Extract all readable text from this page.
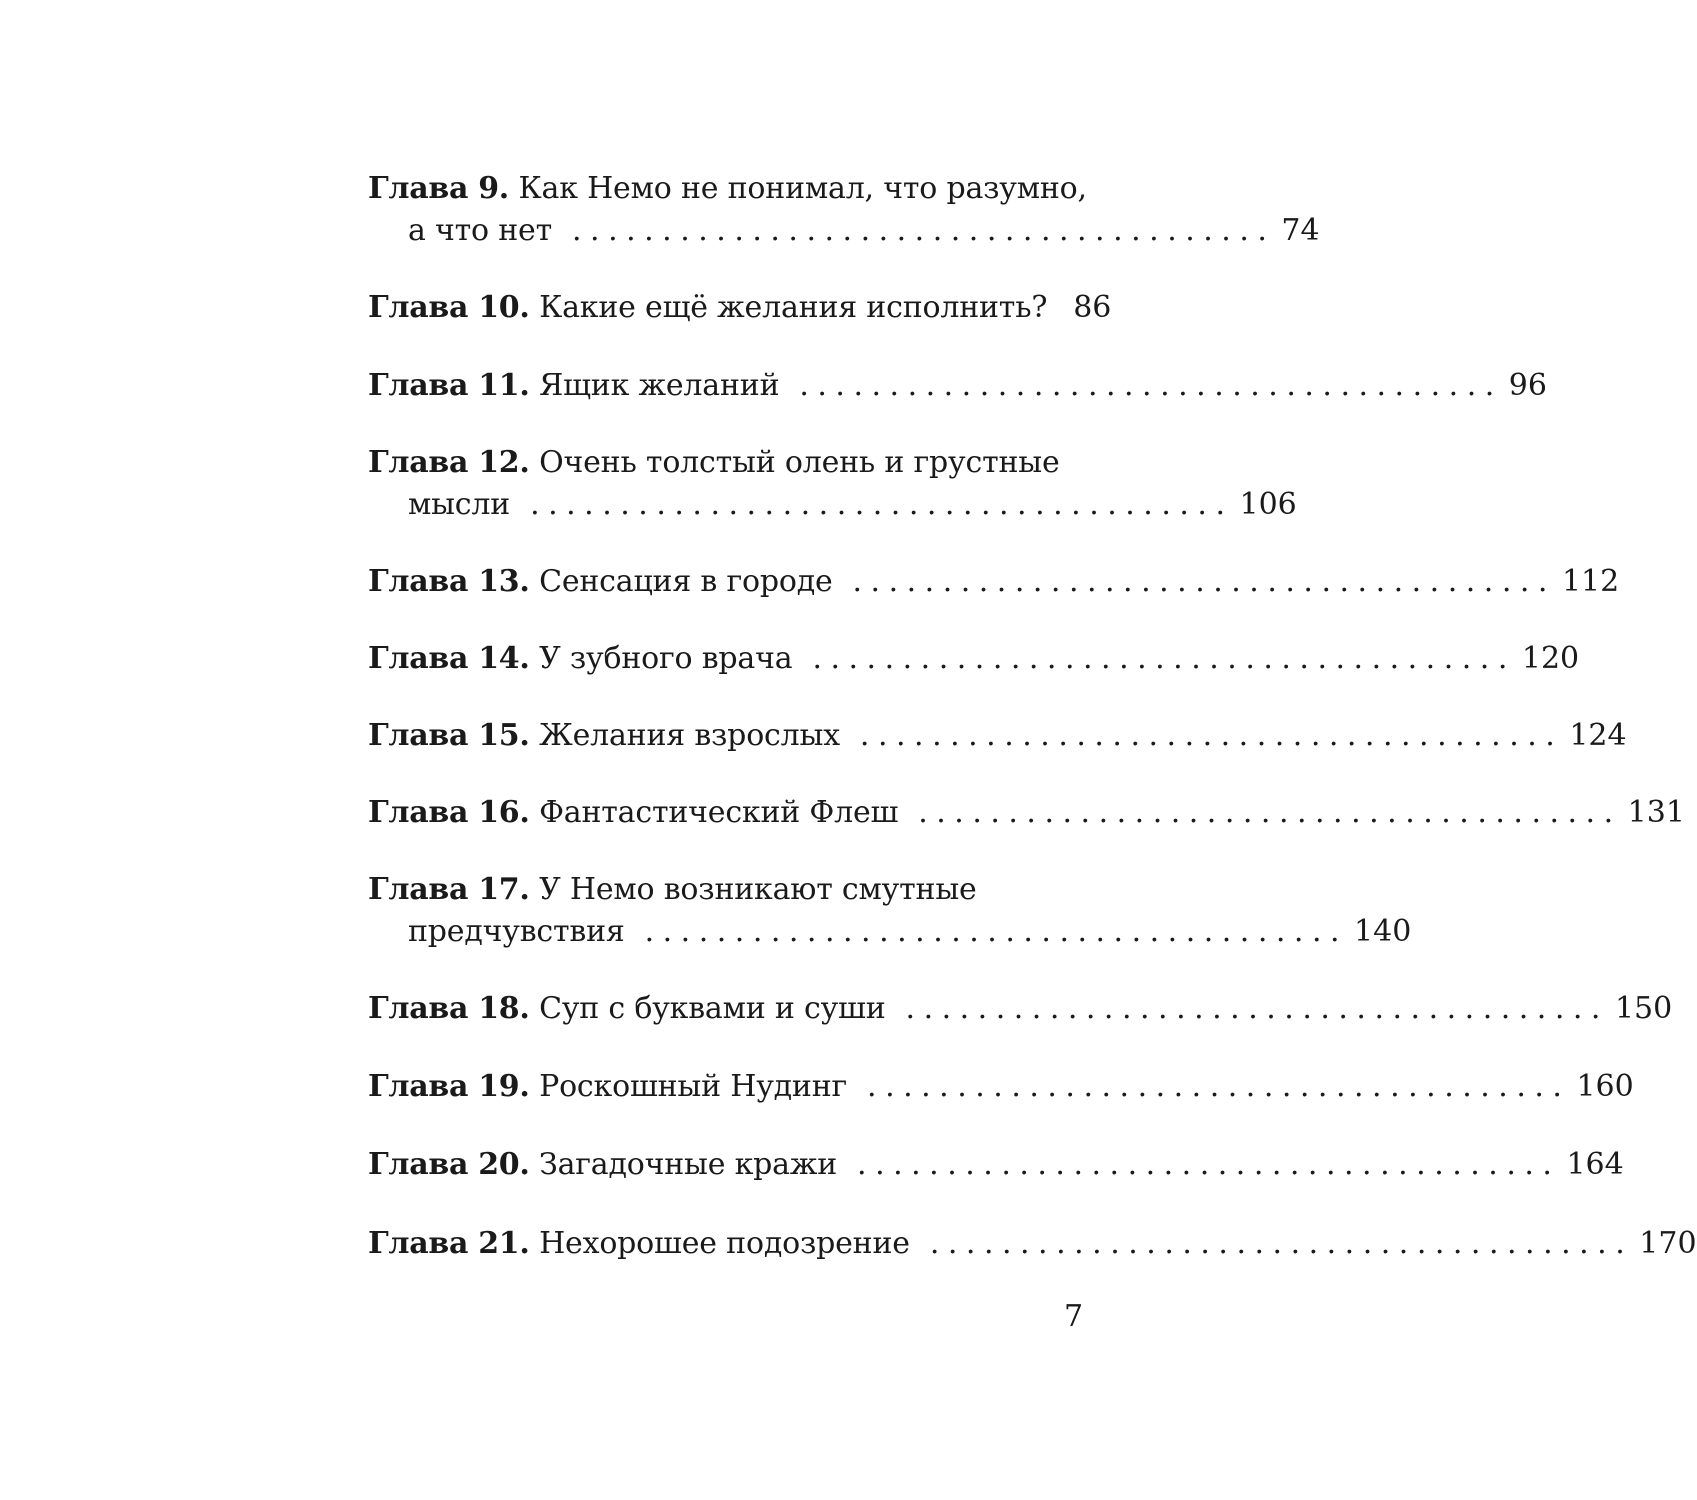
Глава 9.
Как Немо не понимал, что разумно,
а что нет ....................................... 74
Глава 10.
Какие ещё желания исполнить? 86
Глава 11.
Ящик желаний ....................................... 96
Глава 12.
Очень толстый олень и грустные
мысли ....................................... 106
Глава 13.
Сенсация в городе ....................................... 112
Глава 14.
У зубного врача ....................................... 120
Глава 15.
Желания взрослых ....................................... 124
Глава 16.
Фантастический Флеш ....................................... 131
Глава 17.
У Немо возникают смутные
предчувствия ....................................... 140
Глава 18.
Суп с буквами и суши ....................................... 150
Глава 19.
Роскошный Нудинг ....................................... 160
Глава 20.
Загадочные кражи ....................................... 164
Глава 21.
Нехорошее подозрение ....................................... 170
7
